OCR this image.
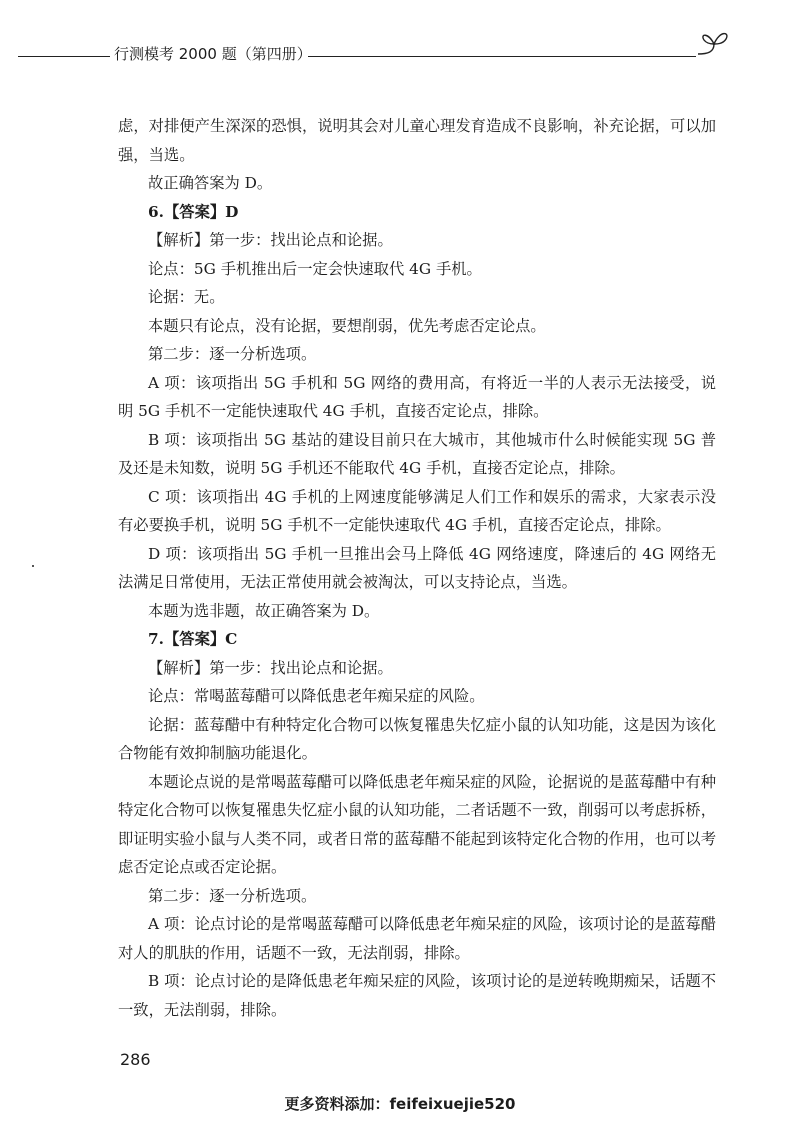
行测模考 2000 题（第四册）

虑，对排便产生深深的恐惧，说明其会对儿童心理发育造成不良影响，补充论据，可以加强，当选。

故正确答案为 D。

6.【答案】D

【解析】第一步：找出论点和论据。

论点：5G 手机推出后一定会快速取代 4G 手机。

论据：无。

本题只有论点，没有论据，要想削弱，优先考虑否定论点。

第二步：逐一分析选项。

A 项：该项指出 5G 手机和 5G 网络的费用高，有将近一半的人表示无法接受，说明 5G 手机不一定能快速取代 4G 手机，直接否定论点，排除。

B 项：该项指出 5G 基站的建设目前只在大城市，其他城市什么时候能实现 5G 普及还是未知数，说明 5G 手机还不能取代 4G 手机，直接否定论点，排除。

C 项：该项指出 4G 手机的上网速度能够满足人们工作和娱乐的需求，大家表示没有必要换手机，说明 5G 手机不一定能快速取代 4G 手机，直接否定论点，排除。

D 项：该项指出 5G 手机一旦推出会马上降低 4G 网络速度，降速后的 4G 网络无法满足日常使用，无法正常使用就会被淘汰，可以支持论点，当选。

本题为选非题，故正确答案为 D。

7.【答案】C

【解析】第一步：找出论点和论据。

论点：常喝蓝莓醋可以降低患老年痴呆症的风险。

论据：蓝莓醋中有种特定化合物可以恢复罹患失忆症小鼠的认知功能，这是因为该化合物能有效抑制脑功能退化。

本题论点说的是常喝蓝莓醋可以降低患老年痴呆症的风险，论据说的是蓝莓醋中有种特定化合物可以恢复罹患失忆症小鼠的认知功能，二者话题不一致，削弱可以考虑拆桥，即证明实验小鼠与人类不同，或者日常的蓝莓醋不能起到该特定化合物的作用，也可以考虑否定论点或否定论据。

第二步：逐一分析选项。

A 项：论点讨论的是常喝蓝莓醋可以降低患老年痴呆症的风险，该项讨论的是蓝莓醋对人的肌肤的作用，话题不一致，无法削弱，排除。

B 项：论点讨论的是降低患老年痴呆症的风险，该项讨论的是逆转晚期痴呆，话题不一致，无法削弱，排除。

286
更多资料添加：feifeixuejie520
